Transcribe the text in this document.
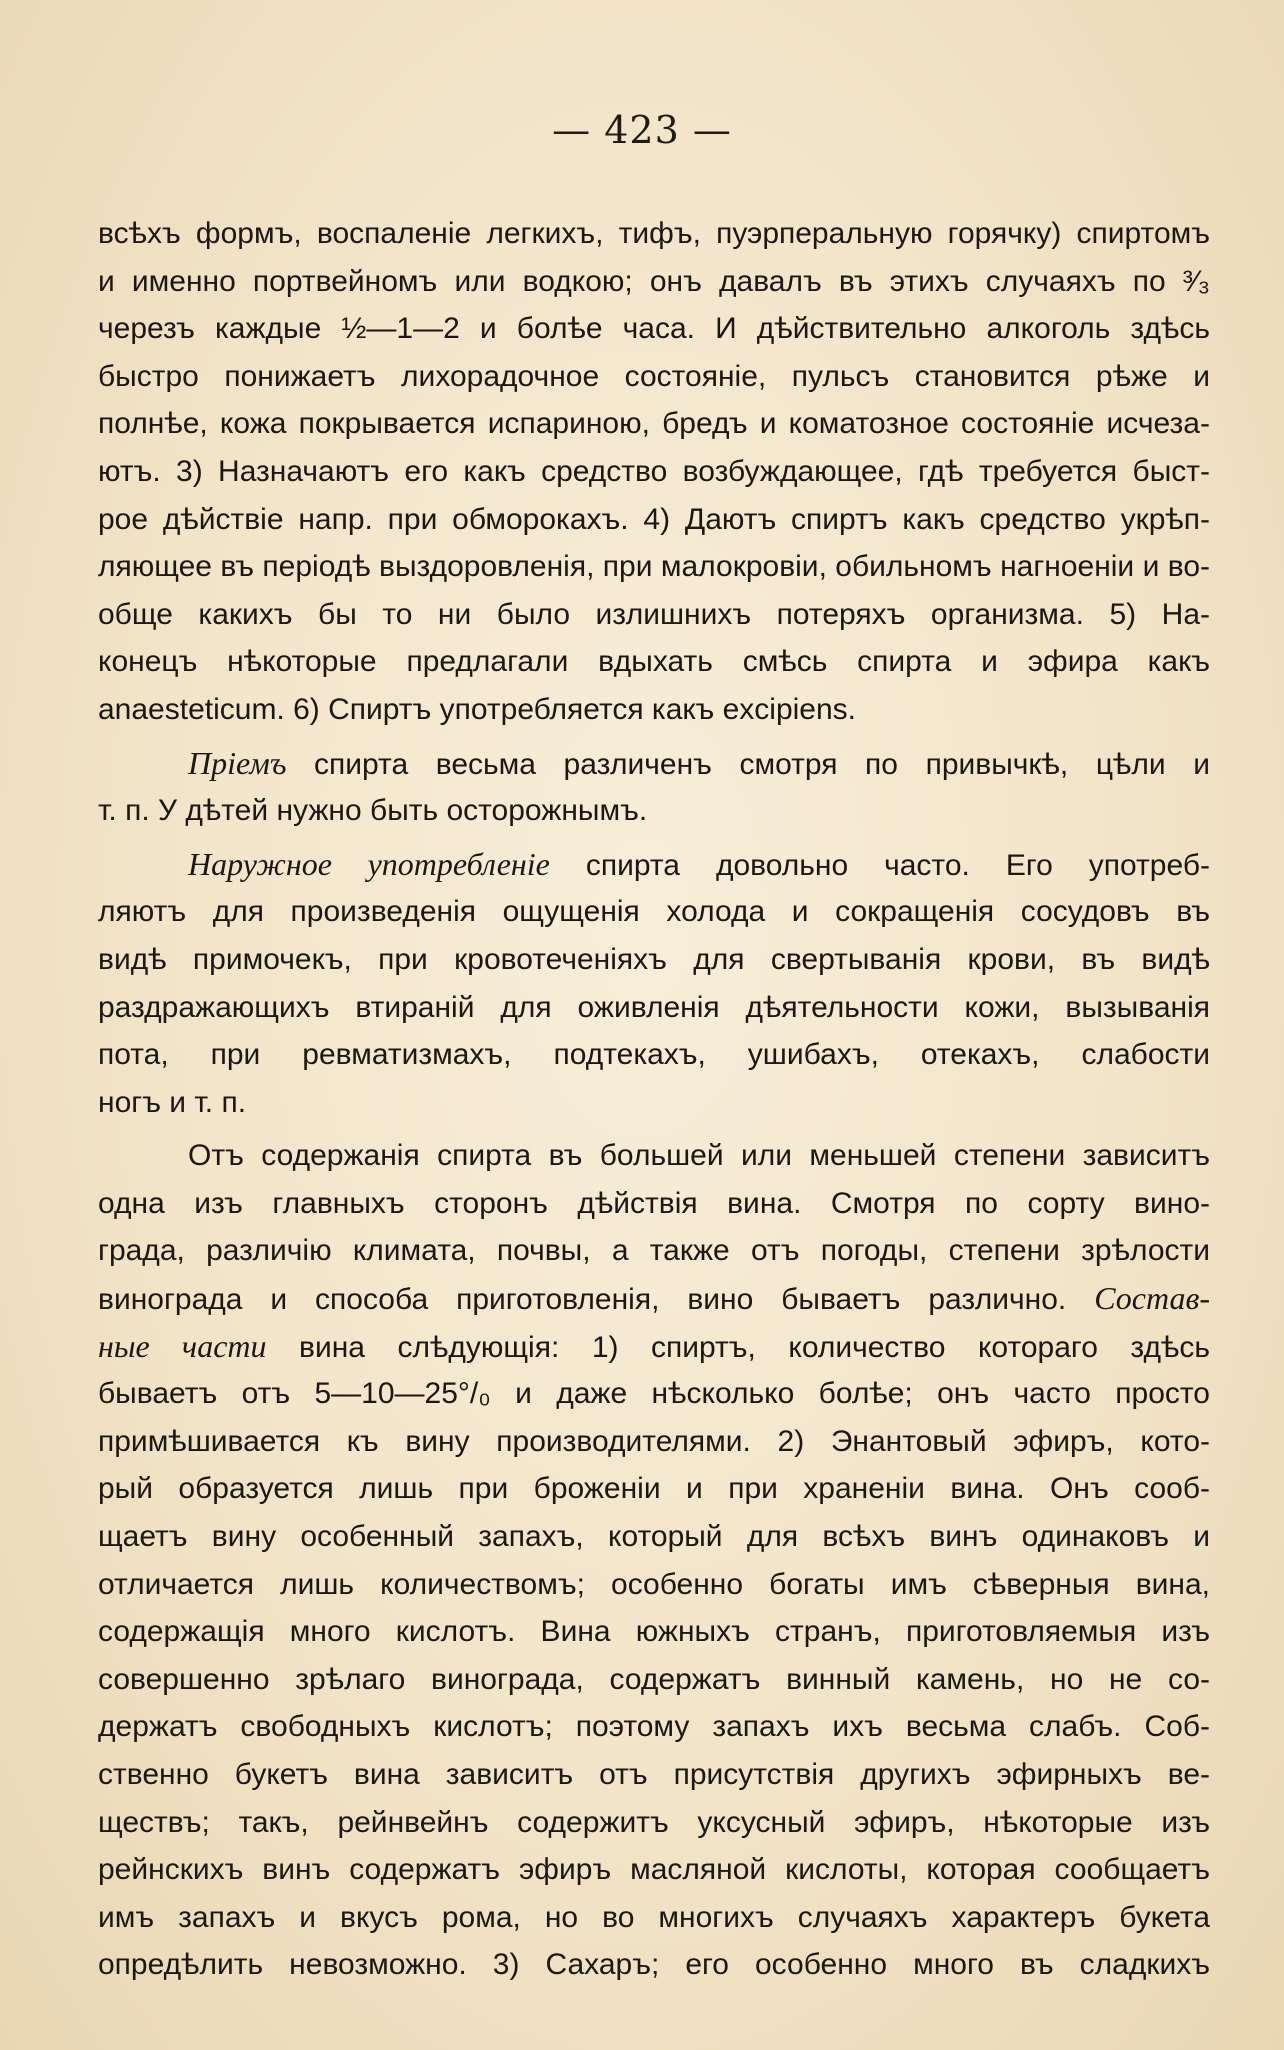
— 423 —
всѣхъ формъ, воспаленіе легкихъ, тифъ, пуэрперальную горячку) спиртомъ
и именно портвейномъ или водкою; онъ давалъ въ этихъ случаяхъ по ³⁄₃
черезъ каждые ½—1—2 и болѣе часа. И дѣйствительно алкоголь здѣсь
быстро понижаетъ лихорадочное состояніе, пульсъ становится рѣже и
полнѣе, кожа покрывается испариною, бредъ и коматозное состояніе исчеза-
ютъ. 3) Назначаютъ его какъ средство возбуждающее, гдѣ требуется быст-
рое дѣйствіе напр. при обморокахъ. 4) Даютъ спиртъ какъ средство укрѣп-
ляющее въ періодѣ выздоровленія, при малокровіи, обильномъ нагноеніи и во-
обще какихъ бы то ни было излишнихъ потеряхъ организма. 5) На-
конецъ нѣкоторые предлагали вдыхать смѣсь спирта и эфира какъ
anaesteticum. 6) Спиртъ употребляется какъ excipiens.
Пріемъ спирта весьма различенъ смотря по привычкѣ, цѣли и
т. п. У дѣтей нужно быть осторожнымъ.
Наружное употребленіе спирта довольно часто. Его употреб-
ляютъ для произведенія ощущенія холода и сокращенія сосудовъ въ
видѣ примочекъ, при кровотеченіяхъ для свертыванія крови, въ видѣ
раздражающихъ втираній для оживленія дѣятельности кожи, вызыванія
пота, при ревматизмахъ, подтекахъ, ушибахъ, отекахъ, слабости
ногъ и т. п.
Отъ содержанія спирта въ большей или меньшей степени зависитъ
одна изъ главныхъ сторонъ дѣйствія вина. Смотря по сорту вино-
града, различію климата, почвы, а также отъ погоды, степени зрѣлости
винограда и способа приготовленія, вино бываетъ различно. Состав-
ные части вина слѣдующія: 1) спиртъ, количество котораго здѣсь
бываетъ отъ 5—10—25°/₀ и даже нѣсколько болѣе; онъ часто просто
примѣшивается къ вину производителями. 2) Энантовый эфиръ, кото-
рый образуется лишь при броженіи и при храненіи вина. Онъ сооб-
щаетъ вину особенный запахъ, который для всѣхъ винъ одинаковъ и
отличается лишь количествомъ; особенно богаты имъ сѣверныя вина,
содержащія много кислотъ. Вина южныхъ странъ, приготовляемыя изъ
совершенно зрѣлаго винограда, содержатъ винный камень, но не со-
держатъ свободныхъ кислотъ; поэтому запахъ ихъ весьма слабъ. Соб-
ственно букетъ вина зависитъ отъ присутствія другихъ эфирныхъ ве-
ществъ; такъ, рейнвейнъ содержитъ уксусный эфиръ, нѣкоторые изъ
рейнскихъ винъ содержатъ эфиръ масляной кислоты, которая сообщаетъ
имъ запахъ и вкусъ рома, но во многихъ случаяхъ характеръ букета
опредѣлить невозможно. 3) Сахаръ; его особенно много въ сладкихъ
